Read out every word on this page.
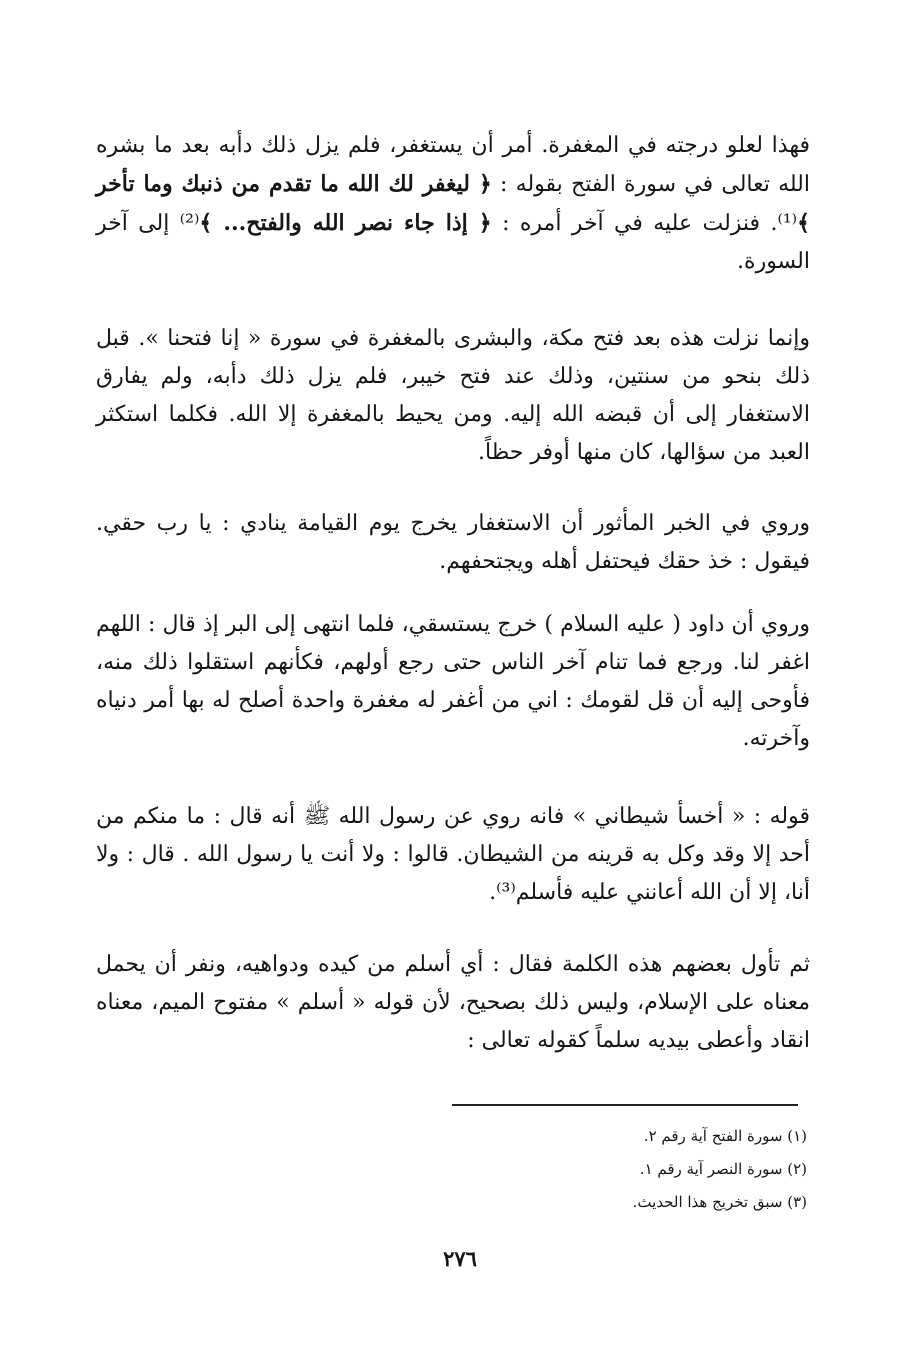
فهذا لعلو درجته في المغفرة. أمر أن يستغفر، فلم يزل ذلك دأبه بعد ما بشره الله تعالى في سورة الفتح بقوله : ﴿ ليغفر لك الله ما تقدم من ذنبك وما تأخر ﴾⁽¹⁾. فنزلت عليه في آخر أمره : ﴿ إذا جاء نصر الله والفتح... ﴾⁽²⁾ إلى آخر السورة.

وإنما نزلت هذه بعد فتح مكة، والبشرى بالمغفرة في سورة « إنا فتحنا ». قبل ذلك بنحو من سنتين، وذلك عند فتح خيبر، فلم يزل ذلك دأبه، ولم يفارق الاستغفار إلى أن قبضه الله إليه. ومن يحيط بالمغفرة إلا الله. فكلما استكثر العبد من سؤالها، كان منها أوفر حظاً.

وروي في الخبر المأثور أن الاستغفار يخرج يوم القيامة ينادي : يا رب حقي. فيقول : خذ حقك فيحتفل أهله ويجتحفهم.

وروي أن داود ( عليه السلام ) خرج يستسقي، فلما انتهى إلى البر إذ قال : اللهم اغفر لنا. ورجع فما تنام آخر الناس حتى رجع أولهم، فكأنهم استقلوا ذلك منه، فأوحى إليه أن قل لقومك : اني من أغفر له مغفرة واحدة أصلح له بها أمر دنياه وآخرته.

قوله : « أخسأ شيطاني » فانه روي عن رسول الله ﷺ أنه قال : ما منكم من أحد إلا وقد وكل به قرينه من الشيطان. قالوا : ولا أنت يا رسول الله . قال : ولا أنا، إلا أن الله أعانني عليه فأسلم⁽³⁾.

ثم تأول بعضهم هذه الكلمة فقال : أي أسلم من كيده ودواهيه، ونفر أن يحمل معناه على الإسلام، وليس ذلك بصحيح، لأن قوله « أسلم » مفتوح الميم، معناه انقاد وأعطى بيديه سلماً كقوله تعالى :

(١) سورة الفتح آية رقم ٢.

(٢) سورة النصر آية رقم ١.

(٣) سبق تخريج هذا الحديث.

٢٧٦
